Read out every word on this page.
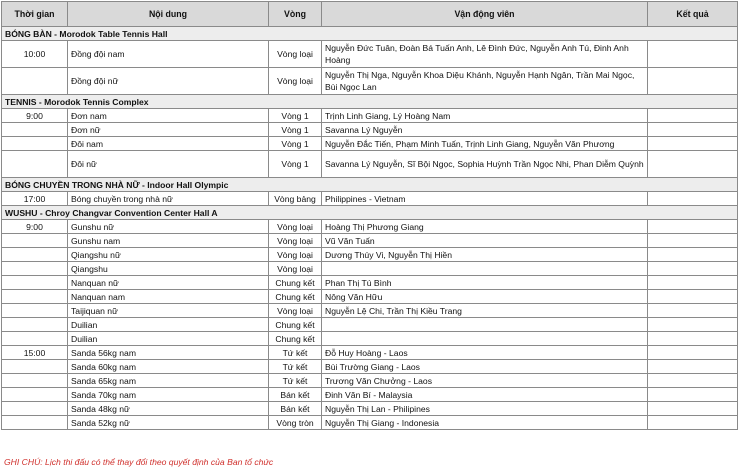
Thời gian	Nội dung	Vòng	Vận động viên	Kết quả
BÓNG BÀN - Morodok Table Tennis Hall				
10:00	Đồng đội nam	Vòng loại	Nguyễn Đức Tuân, Đoàn Bá Tuấn Anh, Lê Đình Đức, Nguyễn Anh Tú, Đinh Anh Hoàng	
	Đồng đội nữ	Vòng loại	Nguyễn Thị Nga, Nguyễn Khoa Diệu Khánh, Nguyễn Hạnh Ngân, Trần Mai Ngọc, Bùi Ngọc Lan	
TENNIS - Morodok Tennis Complex				
9:00	Đơn nam	Vòng 1	Trịnh Linh Giang, Lý Hoàng Nam	
	Đơn nữ	Vòng 1	Savanna Lý Nguyễn	
	Đôi nam	Vòng 1	Nguyễn Đắc Tiến, Phạm Minh Tuấn, Trịnh Linh Giang, Nguyễn Văn Phương	
	Đôi nữ	Vòng 1	Savanna Lý Nguyễn, Sĩ Bội Ngọc, Sophia Huỳnh Trần Ngọc Nhi, Phan Diễm Quỳnh	
BÓNG CHUYỀN TRONG NHÀ NỮ - Indoor Hall Olympic				
17:00	Bóng chuyền trong nhà nữ	Vòng bảng	Philippines - Vietnam	
WUSHU - Chroy Changvar Convention Center Hall A				
9:00	Gunshu nữ	Vòng loại	Hoàng Thị Phương Giang	
	Gunshu nam	Vòng loại	Vũ Văn Tuấn	
	Qiangshu nữ	Vòng loại	Dương Thúy Vi, Nguyễn Thị Hiền	
	Qiangshu	Vòng loại		
	Nanquan nữ	Chung kết	Phan Thị Tú Bình	
	Nanquan nam	Chung kết	Nông Văn Hữu	
	Taijiquan nữ	Vòng loại	Nguyễn Lệ Chi, Trần Thị Kiều Trang	
	Duilian	Chung kết		
	Duilian	Chung kết		
15:00	Sanda 56kg nam	Tứ kết	Đỗ Huy Hoàng - Laos	
	Sanda 60kg nam	Tứ kết	Bùi Trường Giang - Laos	
	Sanda 65kg nam	Tứ kết	Trương Văn Chưởng - Laos	
	Sanda 70kg nam	Bán kết	Đinh Văn Bí - Malaysia	
	Sanda 48kg nữ	Bán kết	Nguyễn Thị Lan - Philipines	
	Sanda 52kg nữ	Vòng tròn	Nguyễn Thị Giang - Indonesia	
GHI CHÚ: Lịch thi đấu có thể thay đổi theo quyết định của Ban tổ chức
